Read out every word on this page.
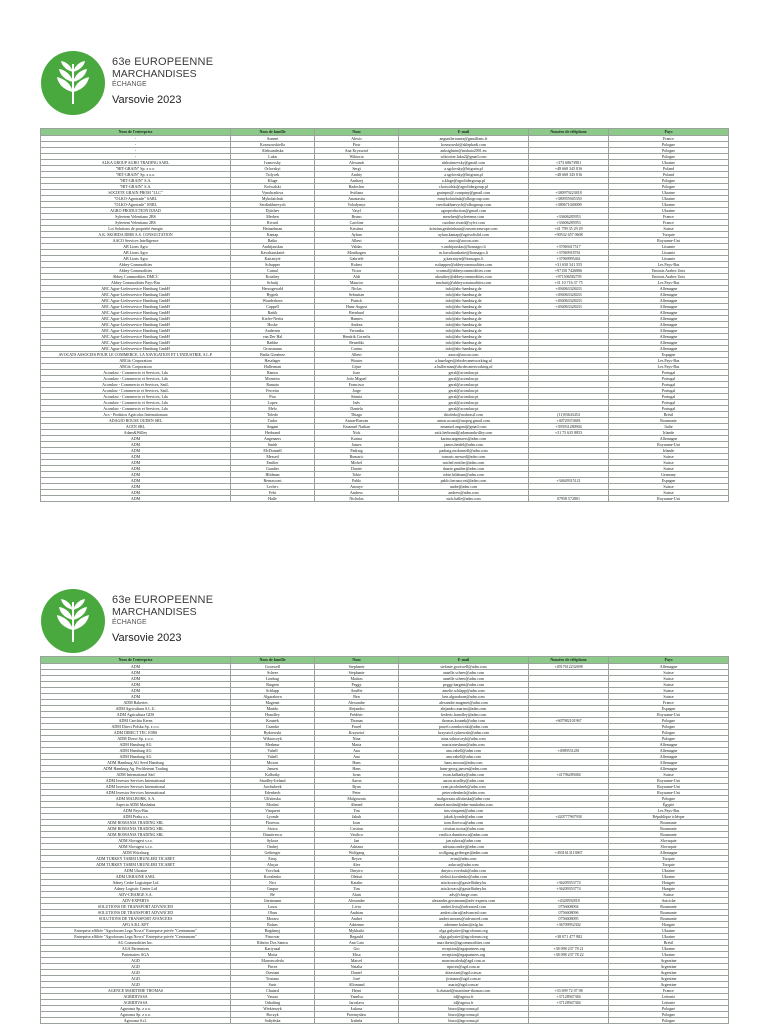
63e EUROPEENNE
MARCHANDISES
ÉCHANGE
Varsovie 2023
Nom de l'entreprise	Nom de famille	Nom	E-mail	Numéro de téléphone	Pays
-	Aunent	Alexis	angunilerrames@gmailfans.fr		France
-	Kosmowskiella	Piotr	kosmowski@sklepbadi.com		Pologne
-	Aleksandrska	Ana Kryzsztof	anksiglmin@mahaio2001.eu		Pologne
-	Lukn	Wiktoria	wiktoriae.lukn2@gmail.com		Pologne
ALKA GROUP AGRO TRADING SARL	Ivanovsky	Alexandr	aleksiimevsky@gmail.com	+373 68673981	Ukraine
"HIT-GRAIN" Sp. z o.o.	Orlovskyi	Sergi	a.sgrlovsky@hitgrain.pl	+48 668 345 816	Poland
"HIT-GRAIN" Sp. z o.o.	Tsilycek	Andriy	a.sgrlovsky@hitgrain.pl	+48 668 345 816	Poland
"HIT-GRAIN" S.A.	Kluge	Andrzej	a.kluge@agrolidergroup.pl		Pologne
"HIT-GRAIN" S.A.	Kotwalski	Radoslaw	r.kotwalski@agrolidergroup.pl		Pologne
SOCIETE GRAIN PROM "LLC"	Vynohradova	Svitlana	grainpro@.company@gmail.com	+380979223818	Ukraine
"OLKO-Agrotrade" SARL	Mykolaichuk	Anastasiia	mmykolaichuk@olkogroup.com	+380955945350	Ukraine
"OLKO-Agrotrade" SNRL	Serdiukhnevych	Volodymyr	vserdiukhnevych@olkogroup.com	+380671049009	Ukraine
AGRO PRODUCTION DJIAD	Djitchev	Vasyl	agroproduction@gmail.com		Ukraine
Syleetem Velentiano 2BS	Merhen	Bruno	merzhen@syleeteme.com	+33606285953	France
Syleetem Velentiano 2BS	Rivard	Caroline	caroline.rivard@sylvt.com	+33606285953	France
Lot Solutions de propriété énergie	Heinzelman	Kristina	kristina.gmbrinhaus@zaroniczeurope.com	+41 799 35 29 29	Suisse
A.K. SKORDA DRIR A.S. CONSULTATION	Kantap	Ayhan	ayhan.kantap@agrisoftsltd.com	+90532 657 0608	Turquie
AACO Services Intelligence	Batko	Albert	aaaco@aacon.com		Royaume-Uni
AB Lions Agro	Andrijauskas	Valdas	v.andrijauskas@lionsagro.lt	+37069417517	Lituanie
AB Lions Agro	Kavaliauskaitė	Monikagen	m.kavaliauskaite@lionsagro.lt	+37069918761	Lituanie
AB Lions Agro	Kairaitytė	Gabrielė	g.kairaityte@lionsagro.lt	+37069995461	Lituanie
Abbey Commodities	Schapper	Robert	rschapper@abbeycommodities.com	+31 650 541 555	Les Pays-Bas
Abbey Commodities	Camal	Victor	vcarmal@abbeycommodities.com	+97150 7426806	Emirats Arabes Unis
Abbey Commodities DMCC	Koutbey	Aldi	akoutbey@abbeycommodities.com	+971506582795	Emirats Arabes Unis
Abbey Commodities Pays-Bas	Schuitj	Maurice	mschuitj@abbeycommodities.com	+31 10 716 37 75	Les Pays-Bas
ABC Agrar-Lieferservice Hamburg GmbH	Herzogewald	Niclas	info@abc-hamburg.de	+494063328433	Allemagne
ABC Agrar-Lieferservice Hamburg GmbH	Rygiek	Sebastian	info@abc-hamburg.de	+494063328433	Allemagne
ABC Agrar-Lieferservice Hamburg GmbH	Wonderborn	Patrick	info@abc-hamburg.de	+494063328433	Allemagne
ABC Agrar-Lieferservice Hamburg GmbH	Cappell	Hans-August	info@abc-hamburg.de	+494063328433	Allemagne
ABC Agrar-Lieferservice Hamburg GmbH	Rattik	Bernhard	info@abc-hamburg.de		Allemagne
ABC Agrar-Lieferservice Hamburg GmbH	Kiefer-Nerita	Hannes	info@abc-hamburg.de		Allemagne
ABC Agrar-Lieferservice Hamburg GmbH	Hoske	Andrea	info@abc-hamburg.de		Allemagne
ABC Agrar-Lieferservice Hamburg GmbH	Andersen	Veronika	info@abc-hamburg.de		Allemagne
ABC Agrar-Lieferservice Hamburg GmbH	van Der Hal	Hendrik Cornelis	info@abc-hamburg.de		Allemagne
ABC Agrar-Lieferservice Hamburg GmbH	Rathke	Benedikt	info@abc-hamburg.de		Allemagne
ABC Agrar-Lieferservice Hamburg GmbH	Grossmann	Carina	info@abc-hamburg.de		Allemagne
AVOCATS ASSOCIES POUR LE COMMERCE, LA NAVIGATION ET L'INDUSTRIE, S.L.P.	Badia Giménez	Albert	aaaco@aacon.com		Espagne
ABCdc Corporation	Haselager	Wouter	a.haselager@abcdecanetworking.nl		Les Pays-Bas
ABCdc Corporation	Hullerman	Gijsie	a.hullerman@abcdecanetworking.nl		Les Pays-Bas
Acomlaw - Commercio et Services, Lda	Ramos	Joao	geral@acomlaw.pt		Portugal
Acomlaw - Commercio et Services, Lda	Monteiro	João Miguel	geral@acomlaw.pt		Portugal
Acomlaw - Commercio et Services, SaúL	Ramata	Francisco	geral@acomlaw.pt		Portugal
Acomlaw - Commercio et Services, SaúL	Ferreira	Jorge	geral@acomlaw.pt		Portugal
Acomlaw - Commercio et Services, Lda	Pira	Sónnia	geral@acomlaw.pt		Portugal
Acomlaw - Commercio et Services, Lda	Lopez	Inês	geral@acomlaw.pt		Portugal
Acomlaw - Commercio et Services, Lda	Melo	Daniela	geral@acomlaw.pt		Portugal
Acs - Produtos Agrícolas Internationaux	Toledo	Thiago	thtoledo@acsbrasil.com	(11)93643454	Brésil
ADAGIO ROUSE OUDEN SRL	Tudor	Anton-Razvan	anton.acosta@uropeg.gmail.com	+40729374681	Roumanie
ACEN SRL	Angani	Emanuel Nathan	emanuel.angani@gmail.com	+393931280904	Italie
Adam&Willey	Herbrand	Nick	nick.herbrand@adamandwilley.com	+31 75 635 8853	Irlande
ADM	Angenaers	Karina	karina.angenaers@adm.com		Allemagne
ADM	Smith	James	james.heidel@adm.com		Royaume-Uni
ADM	McDonnell	Padraig	padraig.mcdonnell@adm.com		Irlande
ADM	Messed	Romaric	romaric.messed@adm.com		Suisse
ADM	Emilier	Michel	michel.emilier@adm.com		Suisse
ADM	Gaudier	Duarte	duarte.gaudier@adm.com		Suisse
ADM	Hildman	Tobie	tobie.hildman@adm.com		Germany
ADM	Bernasconi	Pablo	pablo.bernasconi@adm.com	+34649315121	Espagne
ADM	Leclerc	Anouye	andre@adm.com		Suisse
ADM	Fekt	Andrew	andrew@adm.com		Suisse
ADM	Halle	Nicholas	nick.halle@adm.com	07958 572801	Royaume-Uni
63e EUROPEENNE
MARCHANDISES
ÉCHANGE
Varsovie 2023
Nom de l'entreprise	Nom de famille	Nom	E-mail	Numéro de téléphone	Pays
ADM	Gooswell	Stephanie	stefanie.gooswell@adm.com	+4917612232698	Allemagne
ADM	Scheer	Stephanie	anaelle.scheer@adm.com		Suisse
ADM	Lindsug	Mattias	anaelle.scheer@adm.com		Suisse
ADM	Bargent	Peggy	peggy.bargent@adm.com		Suisse
ADM	Schlapp	Amélie	amelie.schlapp@adm.com		Suisse
ADM	Algaraborn	Ben	ben.algaraborn@adm.com		Suisse
ADM Bakeries	Magenet	Alexandre	alexandre.magenet@adm.com		France
ADM Agricultura S.L.U.	Mariño	Alejandro	alejandro.marino@adm.com		Espagne
ADM Agricultura GDS	Hanolley	Frédéric	frederic.hanolley@adm.com		Royaume-Uni
ADM Czechia Kerns	Kounek	Thomas	thomas.kounek@adm.com	+607982101967	Pologne
ADM Direct Polska Sp. z o.o.	Czarnke	Pawel	pawel.czarnkowski@adm.com		Pologne
ADM DIRECT TEC JOBS	Rydzewski	Krzysztof	krzysztof.rydzewski@adm.com		Pologne
ADM Direct Sp. z o.o.	Wiktorczyk	Nina	nina.wiktorczyk@adm.com		Pologne
ADM Hamburg AG	Meshnur	Maria	maria.meshnur@adm.com		Allemagne
ADM Hamburg AG	Vahell	Ana	ana.vahell@adm.com	+4989531281	Allemagne
ADM Hamburg AG	Vahell	Ana	ana.vahell@adm.com		Allemagne
ADM Hamburg AG Seed Hamburg	Moxon	Hans	hans.moxon@adm.com		Allemagne
ADM Hamburg Ag. Perfiletensi Trading	Jansen	Hans	hans-georg.jansen@adm.com		Allemagne
ADM International Sàrl	Kalbatky	Iwan	iwan.kalbatky@adm.com	+41796289484	Suisse
ADM Investor Services International	Stradley-Ireland	Aaron	aaron.stradley@adm.com		Royaume-Uni
ADM Investor Services International	Jacobsbeek	Ryan	ryan.jacobsbeek@adm.com		Royaume-Uni
ADM Investor Services International	Edenbech	Peter	peter.edenbech@adm.com		Royaume-Uni
ADM MALBORK, S.A.	Ulfsiinska	Malgorzata	malgorzata.ulfsiinska@adm.com		Pologne
Aspecta ADM Mashalna	Moshni	Ahmed	ahmed.moshni@adm-mashalna.com		Égypte
ADM Pays-Bas	Vinquent	Tim	tim.vinquent@adm.com		Les Pays-Bas
ADM Praha a.s.	Lyonde	Jakub	jakub.lyonde@adm.com	+420777967938	République tchèque
ADM ROMANIA TRADING SRL	Florescu	Ioan	ioan.florescu@adm.com		Roumanie
ADM ROMANIA TRADING SRL	Stoica	Cristian	cristian.stoica@adm.com		Roumanie
ADM ROMANIA TRADING SRL	Dumitrescu	Vasilica	vasilica.dumitrescu@adm.com		Roumanie
ADM Slovagest s.r.o.	Sykora	Jan	jan.sykora@adm.com		Slovaquie
ADM Slovagest s.r.o.	Ondrej	Adriana	adriana.ondrej@adm.com		Slovaquie
ADM Würzburg	Geiberger	Wolfgang	wolfgang.geiberger@adm.com	+4931613113867	Allemagne
ADM TURKEY TARIM URUNLERI TICARET	Ertaş	Beyza	ertas@adm.com		Turquie
ADM TURKEY TARIM URUNLERI TICARET	Aluçur	Alex	aalucur@adm.com		Turquie
ADM Ukraine	Vovchuk	Dmytro	dmytro.vovchuk@adm.com		Ukraine
ADM UKRAINE SARL	Kovalenko	Oleksii	oleksii.kovalenko@adm.com		Ukraine
Adney Cedre Logistique Ltd	Nicr	Katalin	atta.kovacs@gastelliahey.hu	+36209353774	Hongrie
Adney Logistic Center Ltd	Gaspar	Tim	atta.kovacs@gastelliahey.hu	+36209353774	Hongrie
ADV-CHARGE S.A.	Bé	Alain	adv@charge.com		Suisse
ADV-EXPERTS	Gerstmann	Alexander	alexander.gerstmann@adv-experts.com	+4328592818	Autriche
SOLUTIONS DE TRANSPORT ADVANCED	Lascu	Liviu	andrei.liviu@advanced.com	0756608094	Roumanie
SOLUTIONS DE TRANSPORT ADVANCED	Olaru	Andrian	andrei.olaru@advanced.com	0756608096	Roumanie
SOLUTIONS DE TRANSPORT AVANCEES	Moraru	Andrei	andrei.moraru@advanced.com	0756608095	Roumanie
AFG S.R.L KFT	Balazs	Adrienne	adrienne.balazs@afg.hu	+36709952302	Hongrie
Entreprise affiliée "Agroforum Lega Novra" Entreprise privée "Centrumam"	Bogdanyj	Mykhailo	olga.gulyaiev@agroforum.org		Ukraine
Entreprise affiliée "Agroforum Lega Novra" Entreprise privée "Centrumam"	Fincovar	Regauld	olga.gulyaiev@agroforum.org	+38 071 477 882	Ukraine
AG Commodities Inc.	Ribeiro Dos Santos	Ana Cato	ana.ribeiro@agcommodities.com		Brésil
AGA Partenaires	Kartyuzal	Gio	reception@agapartners.org	+38 098 237 78 21	Ukraine
Partenaires AGA	Motia	Elisa	reception@agapartners.org	+38 098 237 78 22	Ukraine
AGD	Marroncaleda	Marcel	marroncaleda@agd.com.ar		Argentine
AGD	Pirrez	Natalia	npirrez@agd.com.ar		Argentine
AGD	Otaviani	Daniel	dotaviani@agd.com.ar		Argentine
AGD	Tristano	José	jtristano@agd.com.ar		Argentine
AGD	Sarir	Allomand	asarir@agd.com.ar		Argentine
AGENCE MARITIME THOMAS	Chatard	Henri	h.chatard@maritime-thomas.com	+33 699 72 07 08	France
AGRIDIVASA	Vasara	Yanelsa	id@agrisa.fr	+37128947384	Lettonie
AGRIDIVASA	Orbalting	Jaroslava	id@agrisa.fr	+37128947384	Lettonie
Agrooma Sp. z o.o.	Wiekierzyk	Łukasz	biuro@agrooma.pl		Pologne
Agrooma Sp. z o.o.	Boczyk	Przemysław	biuro@agrooma.pl		Pologne
Agrooma S.r.l.	Sołtyñska	Izabela	biuro@agrooma.pl		Pologne
